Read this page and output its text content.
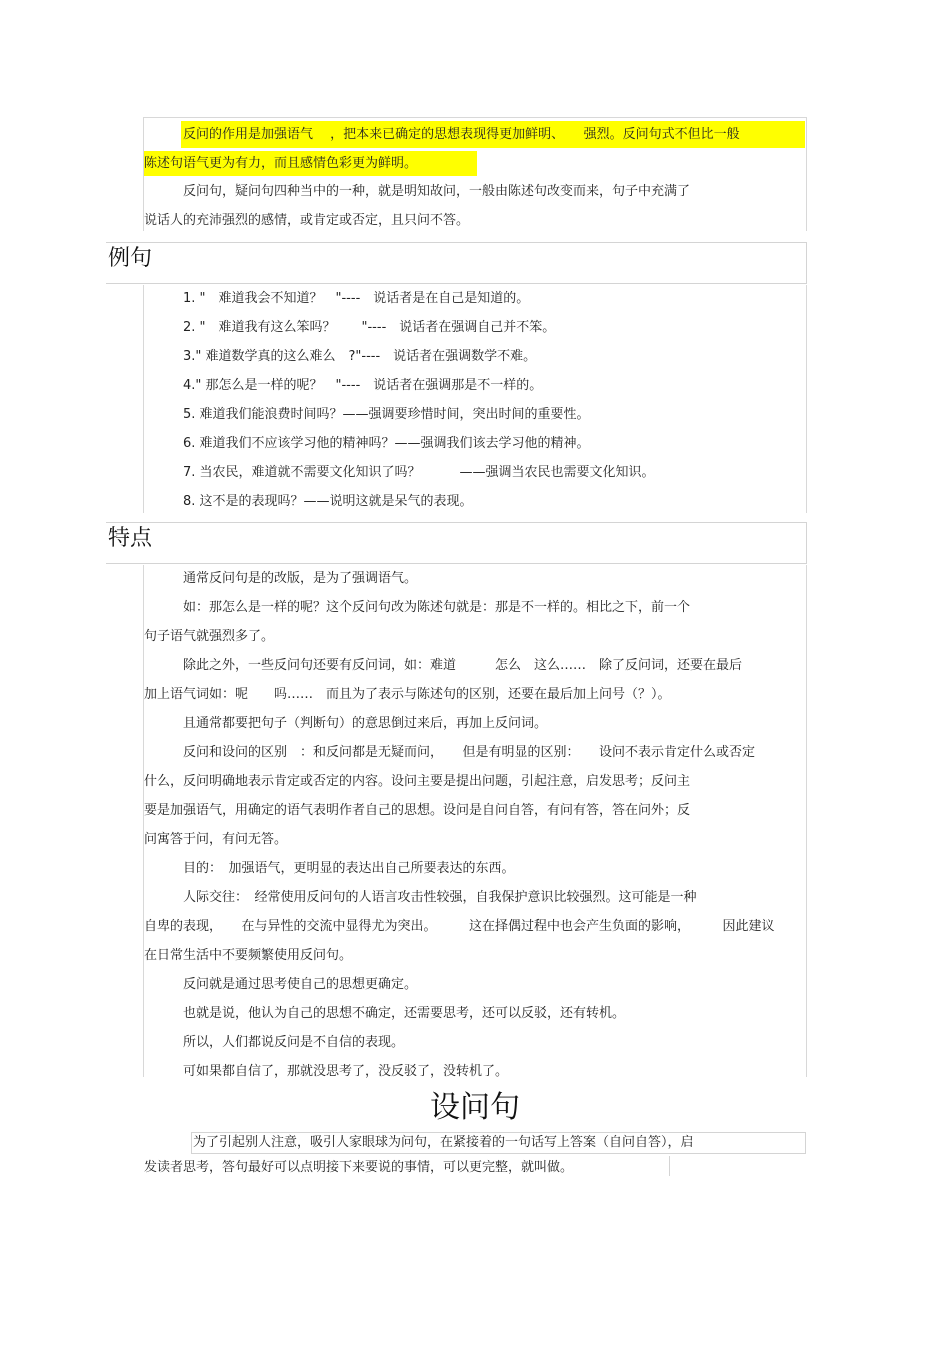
反问的作用是加强语气　 ，把本来已确定的思想表现得更加鲜明、　　强烈。反问句式不但比一般
陈述句语气更为有力，而且感情色彩更为鲜明。
反问句，疑问句四种当中的一种，就是明知故问，一般由陈述句改变而来，句子中充满了
说话人的充沛强烈的感情，或肯定或否定，且只问不答。
例句
1. "　难道我会不知道？　"----　说话者是在自己是知道的。
2. "　难道我有这么笨吗？　　"----　说话者在强调自己并不笨。
3." 难道数学真的这么难么　?"----　说话者在强调数学不难。
4." 那怎么是一样的呢？　"----　说话者在强调那是不一样的。
5. 难道我们能浪费时间吗？——强调要珍惜时间，突出时间的重要性。
6. 难道我们不应该学习他的精神吗？——强调我们该去学习他的精神。
7. 当农民，难道就不需要文化知识了吗？　　　——强调当农民也需要文化知识。
8. 这不是的表现吗？——说明这就是呆气的表现。
特点
通常反问句是的改版，是为了强调语气。
如：那怎么是一样的呢？这个反问句改为陈述句就是：那是不一样的。相比之下，前一个
句子语气就强烈多了。
除此之外，一些反问句还要有反问词，如：难道　　　怎么　这么……　除了反问词，还要在最后
加上语气词如：呢　　吗……　而且为了表示与陈述句的区别，还要在最后加上问号（？）。
且通常都要把句子（判断句）的意思倒过来后，再加上反问词。
反问和设问的区别　：和反问都是无疑而问，　　但是有明显的区别：　　设问不表示肯定什么或否定
什么，反问明确地表示肯定或否定的内容。设问主要是提出问题，引起注意，启发思考；反问主
要是加强语气，用确定的语气表明作者自己的思想。设问是自问自答，有问有答，答在问外；反
问寓答于问，有问无答。
目的：　加强语气，更明显的表达出自己所要表达的东西。
人际交往：　经常使用反问句的人语言攻击性较强，自我保护意识比较强烈。这可能是一种
自卑的表现，　　在与异性的交流中显得尤为突出。　　　这在择偶过程中也会产生负面的影响，　　　因此建议
在日常生活中不要频繁使用反问句。
反问就是通过思考使自己的思想更确定。
也就是说，他认为自己的思想不确定，还需要思考，还可以反驳，还有转机。
所以，人们都说反问是不自信的表现。
可如果都自信了，那就没思考了，没反驳了，没转机了。
设问句
为了引起别人注意，吸引人家眼球为问句，在紧接着的一句话写上答案（自问自答），启
发读者思考，答句最好可以点明接下来要说的事情，可以更完整，就叫做。
